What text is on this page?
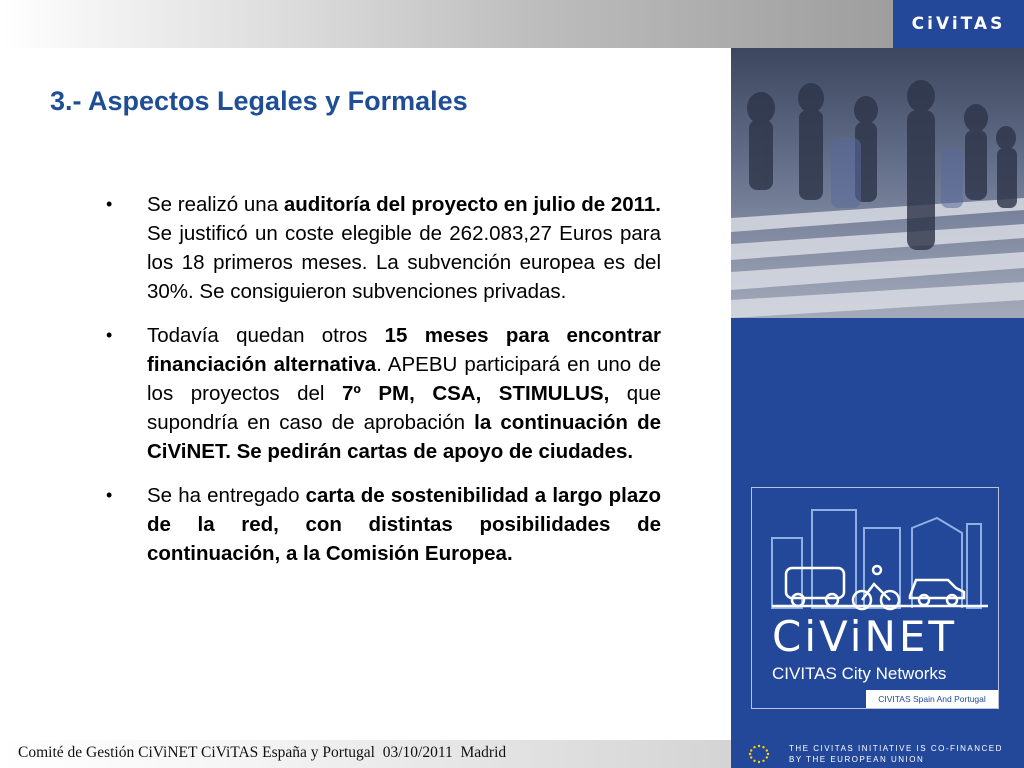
CiViTAS
3.- Aspectos Legales y Formales
• Se realizó una auditoría del proyecto en julio de 2011. Se justificó un coste elegible de 262.083,27 Euros para los 18 primeros meses. La subvención europea es del 30%. Se consiguieron subvenciones privadas.

• Todavía quedan otros 15 meses para encontrar financiación alternativa. APEBU participará en uno de los proyectos del 7º PM, CSA, STIMULUS, que supondría en caso de aprobación la continuación de CiViNET. Se pedirán cartas de apoyo de ciudades.

• Se ha entregado carta de sostenibilidad a largo plazo de la red, con distintas posibilidades de continuación, a la Comisión Europea.

CiViNET
CIVITAS City Networks
CIVITAS Spain And Portugal
Comité de Gestión CiViNET CiViTAS España y Portugal  03/10/2011  Madrid	THE CIVITAS INITIATIVE IS CO-FINANCED
BY THE EUROPEAN UNION
